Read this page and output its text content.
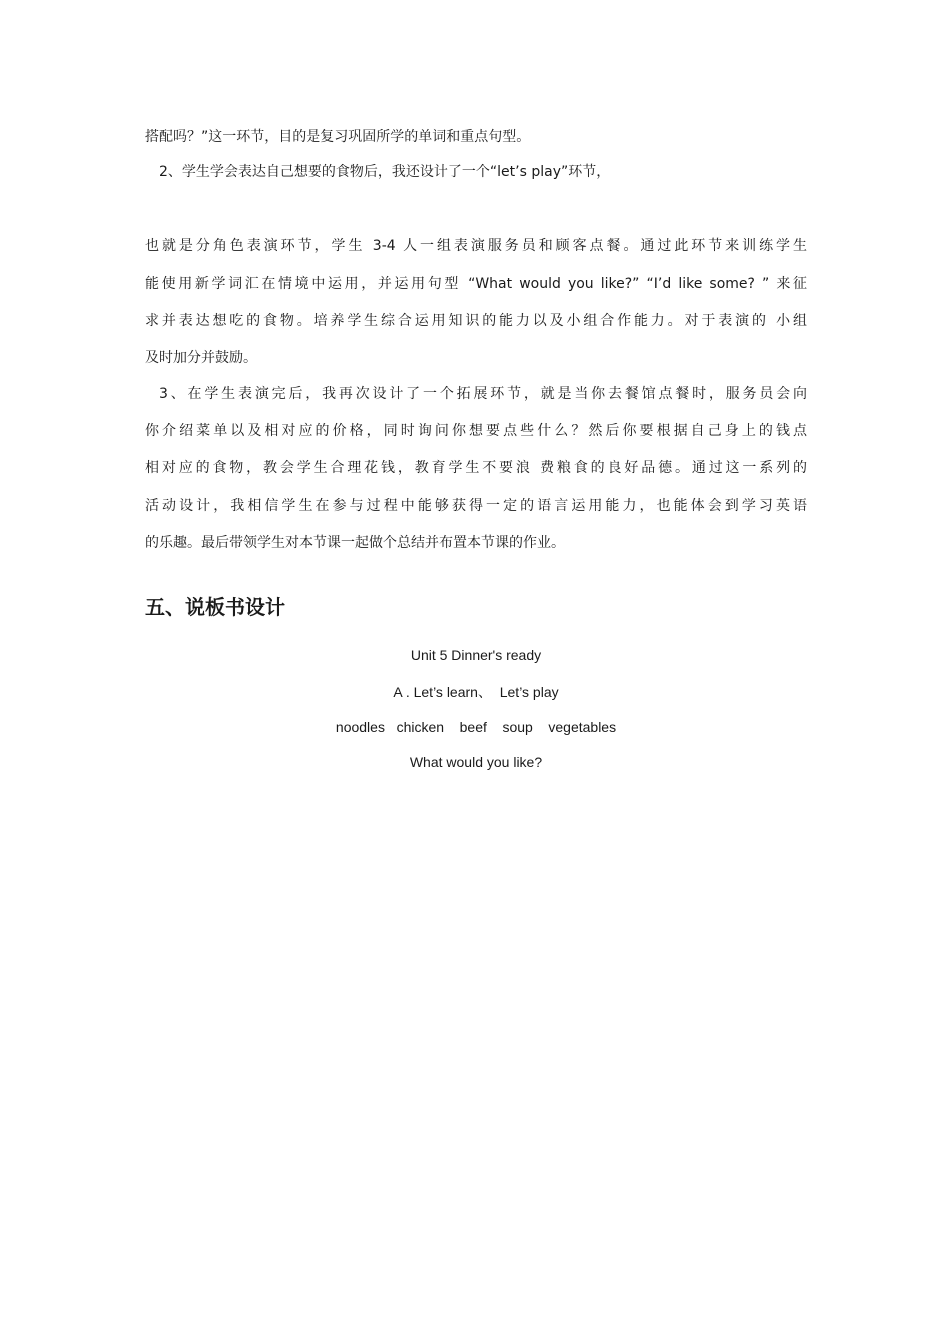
搭配吗？”这一环节，目的是复习巩固所学的单词和重点句型。
2、学生学会表达自己想要的食物后，我还设计了一个“let’s play”环节，
也就是分角色表演环节，学生 3-4 人一组表演服务员和顾客点餐。通过此环节来训练学生
能使用新学词汇在情境中运用，并运用句型 “What would you like?” “I’d like some? ” 来征
求并表达想吃的食物。培养学生综合运用知识的能力以及小组合作能力。对于表演的 小组
及时加分并鼓励。
3、在学生表演完后，我再次设计了一个拓展环节，就是当你去餐馆点餐时，服务员会向
你介绍菜单以及相对应的价格，同时询问你想要点些什么？然后你要根据自己身上的钱点
相对应的食物，教会学生合理花钱，教育学生不要浪 费粮食的良好品德。通过这一系列的
活动设计，我相信学生在参与过程中能够获得一定的语言运用能力，也能体会到学习英语
的乐趣。最后带领学生对本节课一起做个总结并布置本节课的作业。
五、说板书设计
Unit 5 Dinner's ready
A . Let’s learn、  Let’s play
noodles   chicken    beef    soup    vegetables
What would you like?
